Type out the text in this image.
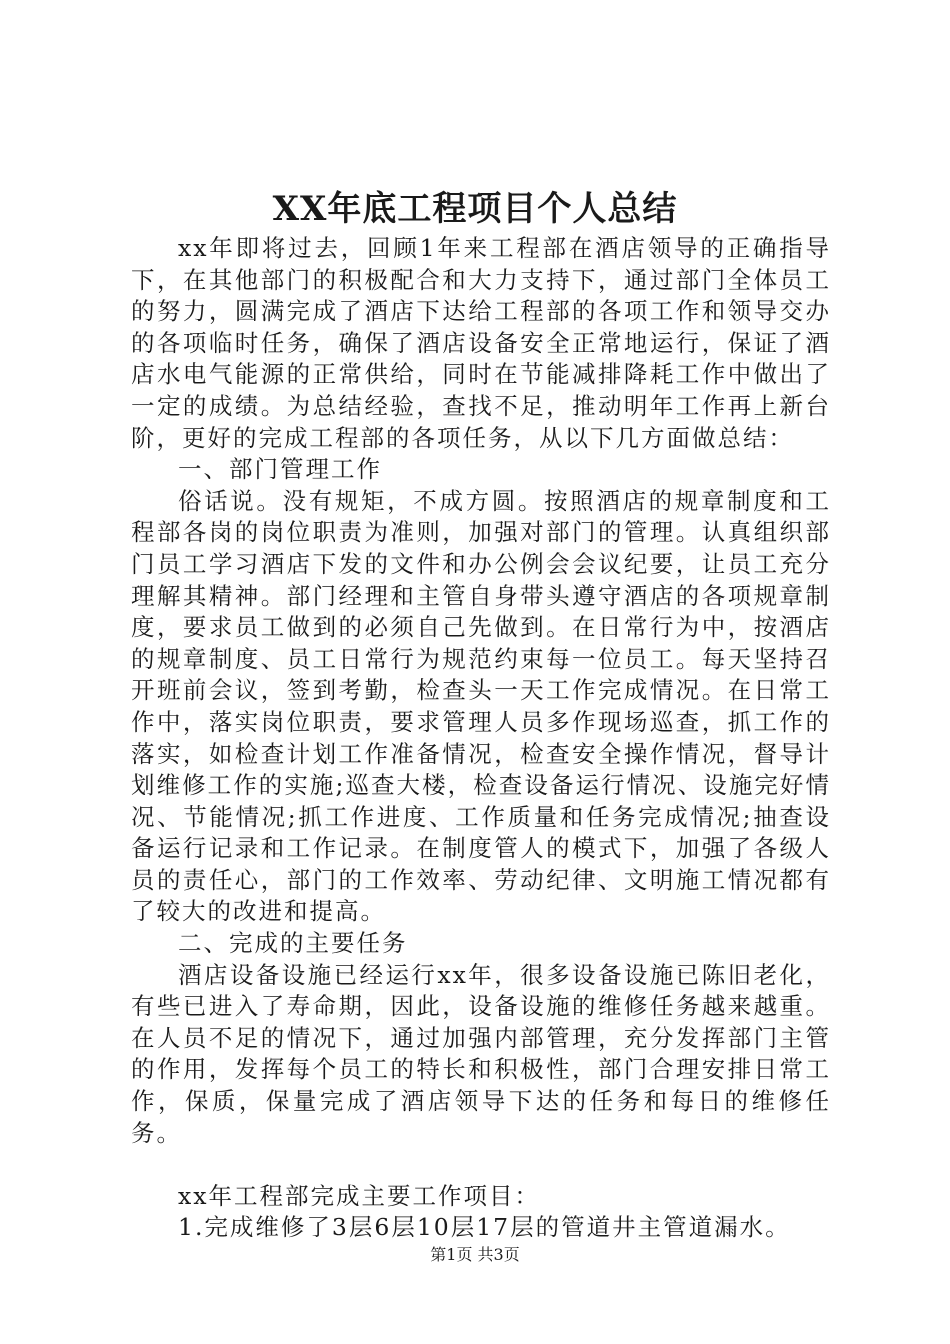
XX年底工程项目个人总结

xx年即将过去，回顾1年来工程部在酒店领导的正确指导下，在其他部门的积极配合和大力支持下，通过部门全体员工的努力，圆满完成了酒店下达给工程部的各项工作和领导交办的各项临时任务，确保了酒店设备安全正常地运行，保证了酒店水电气能源的正常供给，同时在节能减排降耗工作中做出了一定的成绩。为总结经验，查找不足，推动明年工作再上新台阶，更好的完成工程部的各项任务，从以下几方面做总结：

一、部门管理工作

俗话说。没有规矩，不成方圆。按照酒店的规章制度和工程部各岗的岗位职责为准则，加强对部门的管理。认真组织部门员工学习酒店下发的文件和办公例会会议纪要，让员工充分理解其精神。部门经理和主管自身带头遵守酒店的各项规章制度，要求员工做到的必须自己先做到。在日常行为中，按酒店的规章制度、员工日常行为规范约束每一位员工。每天坚持召开班前会议，签到考勤，检查头一天工作完成情况。在日常工作中，落实岗位职责，要求管理人员多作现场巡查，抓工作的落实，如检查计划工作准备情况，检查安全操作情况，督导计划维修工作的实施;巡查大楼，检查设备运行情况、设施完好情况、节能情况;抓工作进度、工作质量和任务完成情况;抽查设备运行记录和工作记录。在制度管人的模式下，加强了各级人员的责任心，部门的工作效率、劳动纪律、文明施工情况都有了较大的改进和提高。

二、完成的主要任务

酒店设备设施已经运行xx年，很多设备设施已陈旧老化，有些已进入了寿命期，因此，设备设施的维修任务越来越重。在人员不足的情况下，通过加强内部管理，充分发挥部门主管的作用，发挥每个员工的特长和积极性，部门合理安排日常工作，保质，保量完成了酒店领导下达的任务和每日的维修任务。

xx年工程部完成主要工作项目：

1.完成维修了3层6层10层17层的管道井主管道漏水。

第1页 共3页
